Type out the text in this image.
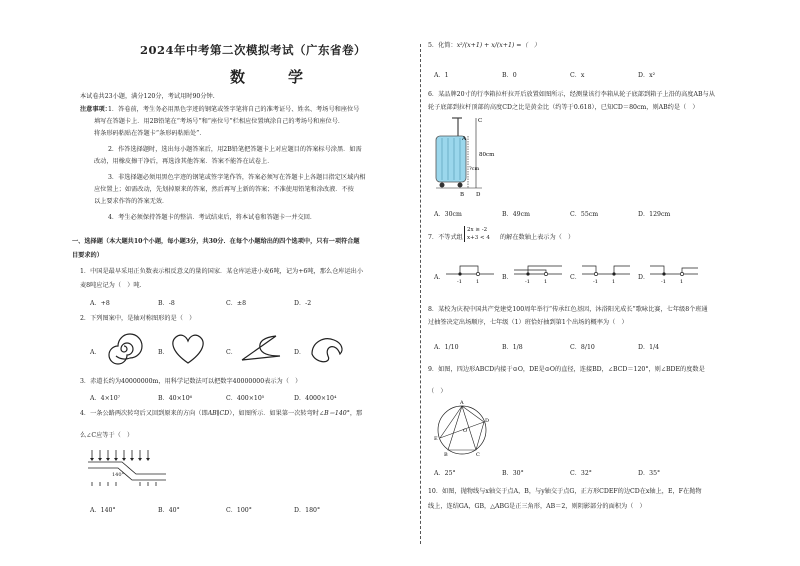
2024年中考第二次模拟考试（广东省卷）
数　学
本试卷共23小题，满分120分，考试用时90分钟.
注意事项：
1．答卷前，考生务必用黑色字迹的钢笔或签字笔将自己的准考证号、姓名、考场号和座位号
填写在答题卡上．用2B铅笔在“考场号”和“座位号”栏相应位置填涂自己的考场号和座位号．
将条形码粘贴在答题卡“条形码粘贴处”．
2．作答选择题时，选出每小题答案后，用2B铅笔把答题卡上对应题目的答案标号涂黑．如需
改动，用橡皮擦干净后，再选涂其他答案．答案不能答在试卷上．
3．非选择题必须用黑色字迹的钢笔或签字笔作答，答案必须写在答题卡上各题目指定区域内相
应位置上；如需改动，先划掉原来的答案，然后再写上新的答案；不准使用铅笔和涂改液．不按
以上要求作答的答案无效．
4．考生必须保持答题卡的整洁．考试结束后，将本试卷和答题卡一并交回．
一、选择题（本大题共10个小题，每小题3分，共30分．在每个小题给出的四个选项中，只有一项符合题
目要求的）
1．中国是最早采用正负数表示相反意义的量的国家．某仓库运进小麦6吨，记为+6吨，那么仓库运出小
麦8吨应记为（　）吨．
A．+8	B．-8	C．±8	D．-2
2．下列图案中，是轴对称图形的是（　）
A．	B．	C．	D．
3．赤道长约为40000000m，用科学记数法可以把数字40000000表示为（　）
A．4×10⁷	B．40×10⁶	C．400×10⁵	D．4000×10⁴
4．一条公路两次转弯后又回到原来的方向（即AB∥CD），如图所示．如果第一次转弯时∠B＝140°，那
么∠C应等于（　）
140°
A．140°	B．40°	C．100°	D．180°
5．化简：x²/(x+1) + x/(x+1) =（　）
A．1	B．0	C．x	D．x²
6．某品牌20寸的行李箱拉杆拉开后放置如图所示，经测量该行李箱从轮子底部到箱子上沿的高度AB与从
轮子底部到拉杆顶部的高度CD之比是黄金比（约等于0.618），已知CD＝80cm，则AB约是（　）
C
A
B D
80cm
?cm
A．30cm	B．49cm	C．55cm	D．129cm
7．不等式组
2x ≥ -2
x+3 < 4 的解在数轴上表示为（　）
A．
-1	1
B．
-1	1
C．
-1	1
D．
-1	1
8．某校为庆祝中国共产党建党100周年举行“传承红色基因，沐浴阳光成长”歌咏比赛，七年级8个班通
过抽签决定出场顺序，七年级（1）班恰好抽到第1个出场的概率为（　）
A．1/10	B．1/8	C．8/10	D．1/4
9．如图，四边形ABCD内接于⊙O，DE是⊙O的直径，连接BD，∠BCD＝120°，则∠BDE的度数是
（　）
A
D
E
B	C
O
A．25°	B．30°	C．32°	D．35°
10．如图，抛物线与x轴交于点A，B，与y轴交于点G，正方形CDEF的边CD在x轴上，E，F在抛物
线上，连结GA，GB，△ABG是正三角形，AB＝2，则阴影部分的面积为（　）
